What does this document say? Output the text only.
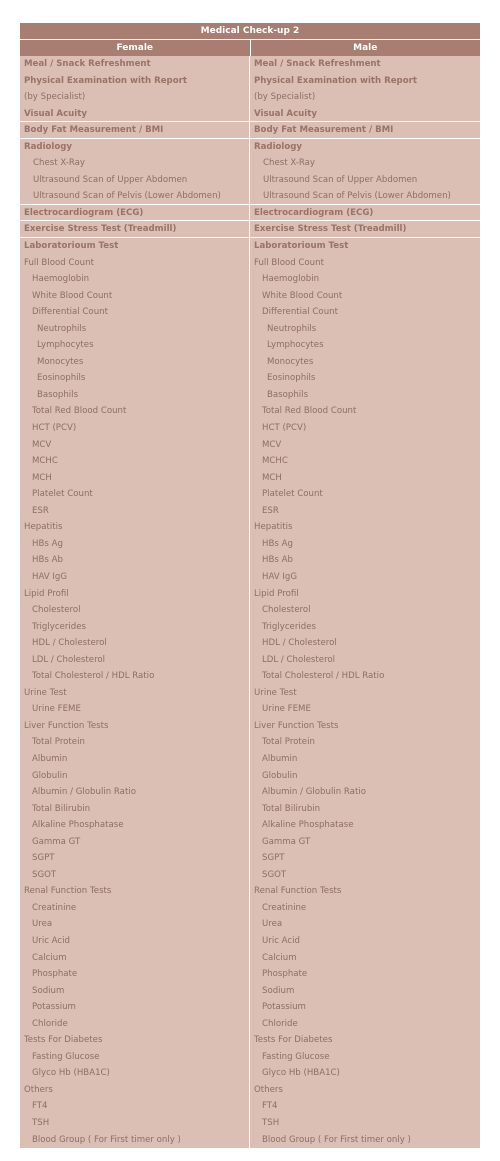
Medical Check-up 2
Female	Male
Meal / Snack Refreshment	Meal / Snack Refreshment
Physical Examination with Report	Physical Examination with Report
(by Specialist)	(by Specialist)
Visual Acuity	Visual Acuity
Body Fat Measurement / BMI	Body Fat Measurement / BMI
Radiology	Radiology
Chest X-Ray	Chest X-Ray
Ultrasound Scan of Upper Abdomen	Ultrasound Scan of Upper Abdomen
Ultrasound Scan of Pelvis (Lower Abdomen)	Ultrasound Scan of Pelvis (Lower Abdomen)
Electrocardiogram (ECG)	Electrocardiogram (ECG)
Exercise Stress Test (Treadmill)	Exercise Stress Test (Treadmill)
Laboratorioum Test	Laboratorioum Test
Full Blood Count	Full Blood Count
Haemoglobin	Haemoglobin
White Blood Count	White Blood Count
Differential Count	Differential Count
Neutrophils	Neutrophils
Lymphocytes	Lymphocytes
Monocytes	Monocytes
Eosinophils	Eosinophils
Basophils	Basophils
Total Red Blood Count	Total Red Blood Count
HCT (PCV)	HCT (PCV)
MCV	MCV
MCHC	MCHC
MCH	MCH
Platelet Count	Platelet Count
ESR	ESR
Hepatitis	Hepatitis
HBs Ag	HBs Ag
HBs Ab	HBs Ab
HAV IgG	HAV IgG
Lipid Profil	Lipid Profil
Cholesterol	Cholesterol
Triglycerides	Triglycerides
HDL / Cholesterol	HDL / Cholesterol
LDL / Cholesterol	LDL / Cholesterol
Total Cholesterol / HDL Ratio	Total Cholesterol / HDL Ratio
Urine Test	Urine Test
Urine FEME	Urine FEME
Liver Function Tests	Liver Function Tests
Total Protein	Total Protein
Albumin	Albumin
Globulin	Globulin
Albumin / Globulin Ratio	Albumin / Globulin Ratio
Total Bilirubin	Total Bilirubin
Alkaline Phosphatase	Alkaline Phosphatase
Gamma GT	Gamma GT
SGPT	SGPT
SGOT	SGOT
Renal Function Tests	Renal Function Tests
Creatinine	Creatinine
Urea	Urea
Uric Acid	Uric Acid
Calcium	Calcium
Phosphate	Phosphate
Sodium	Sodium
Potassium	Potassium
Chloride	Chloride
Tests For Diabetes	Tests For Diabetes
Fasting Glucose	Fasting Glucose
Glyco Hb (HBA1C)	Glyco Hb (HBA1C)
Others	Others
FT4	FT4
TSH	TSH
Blood Group ( For First timer only )	Blood Group ( For First timer only )
